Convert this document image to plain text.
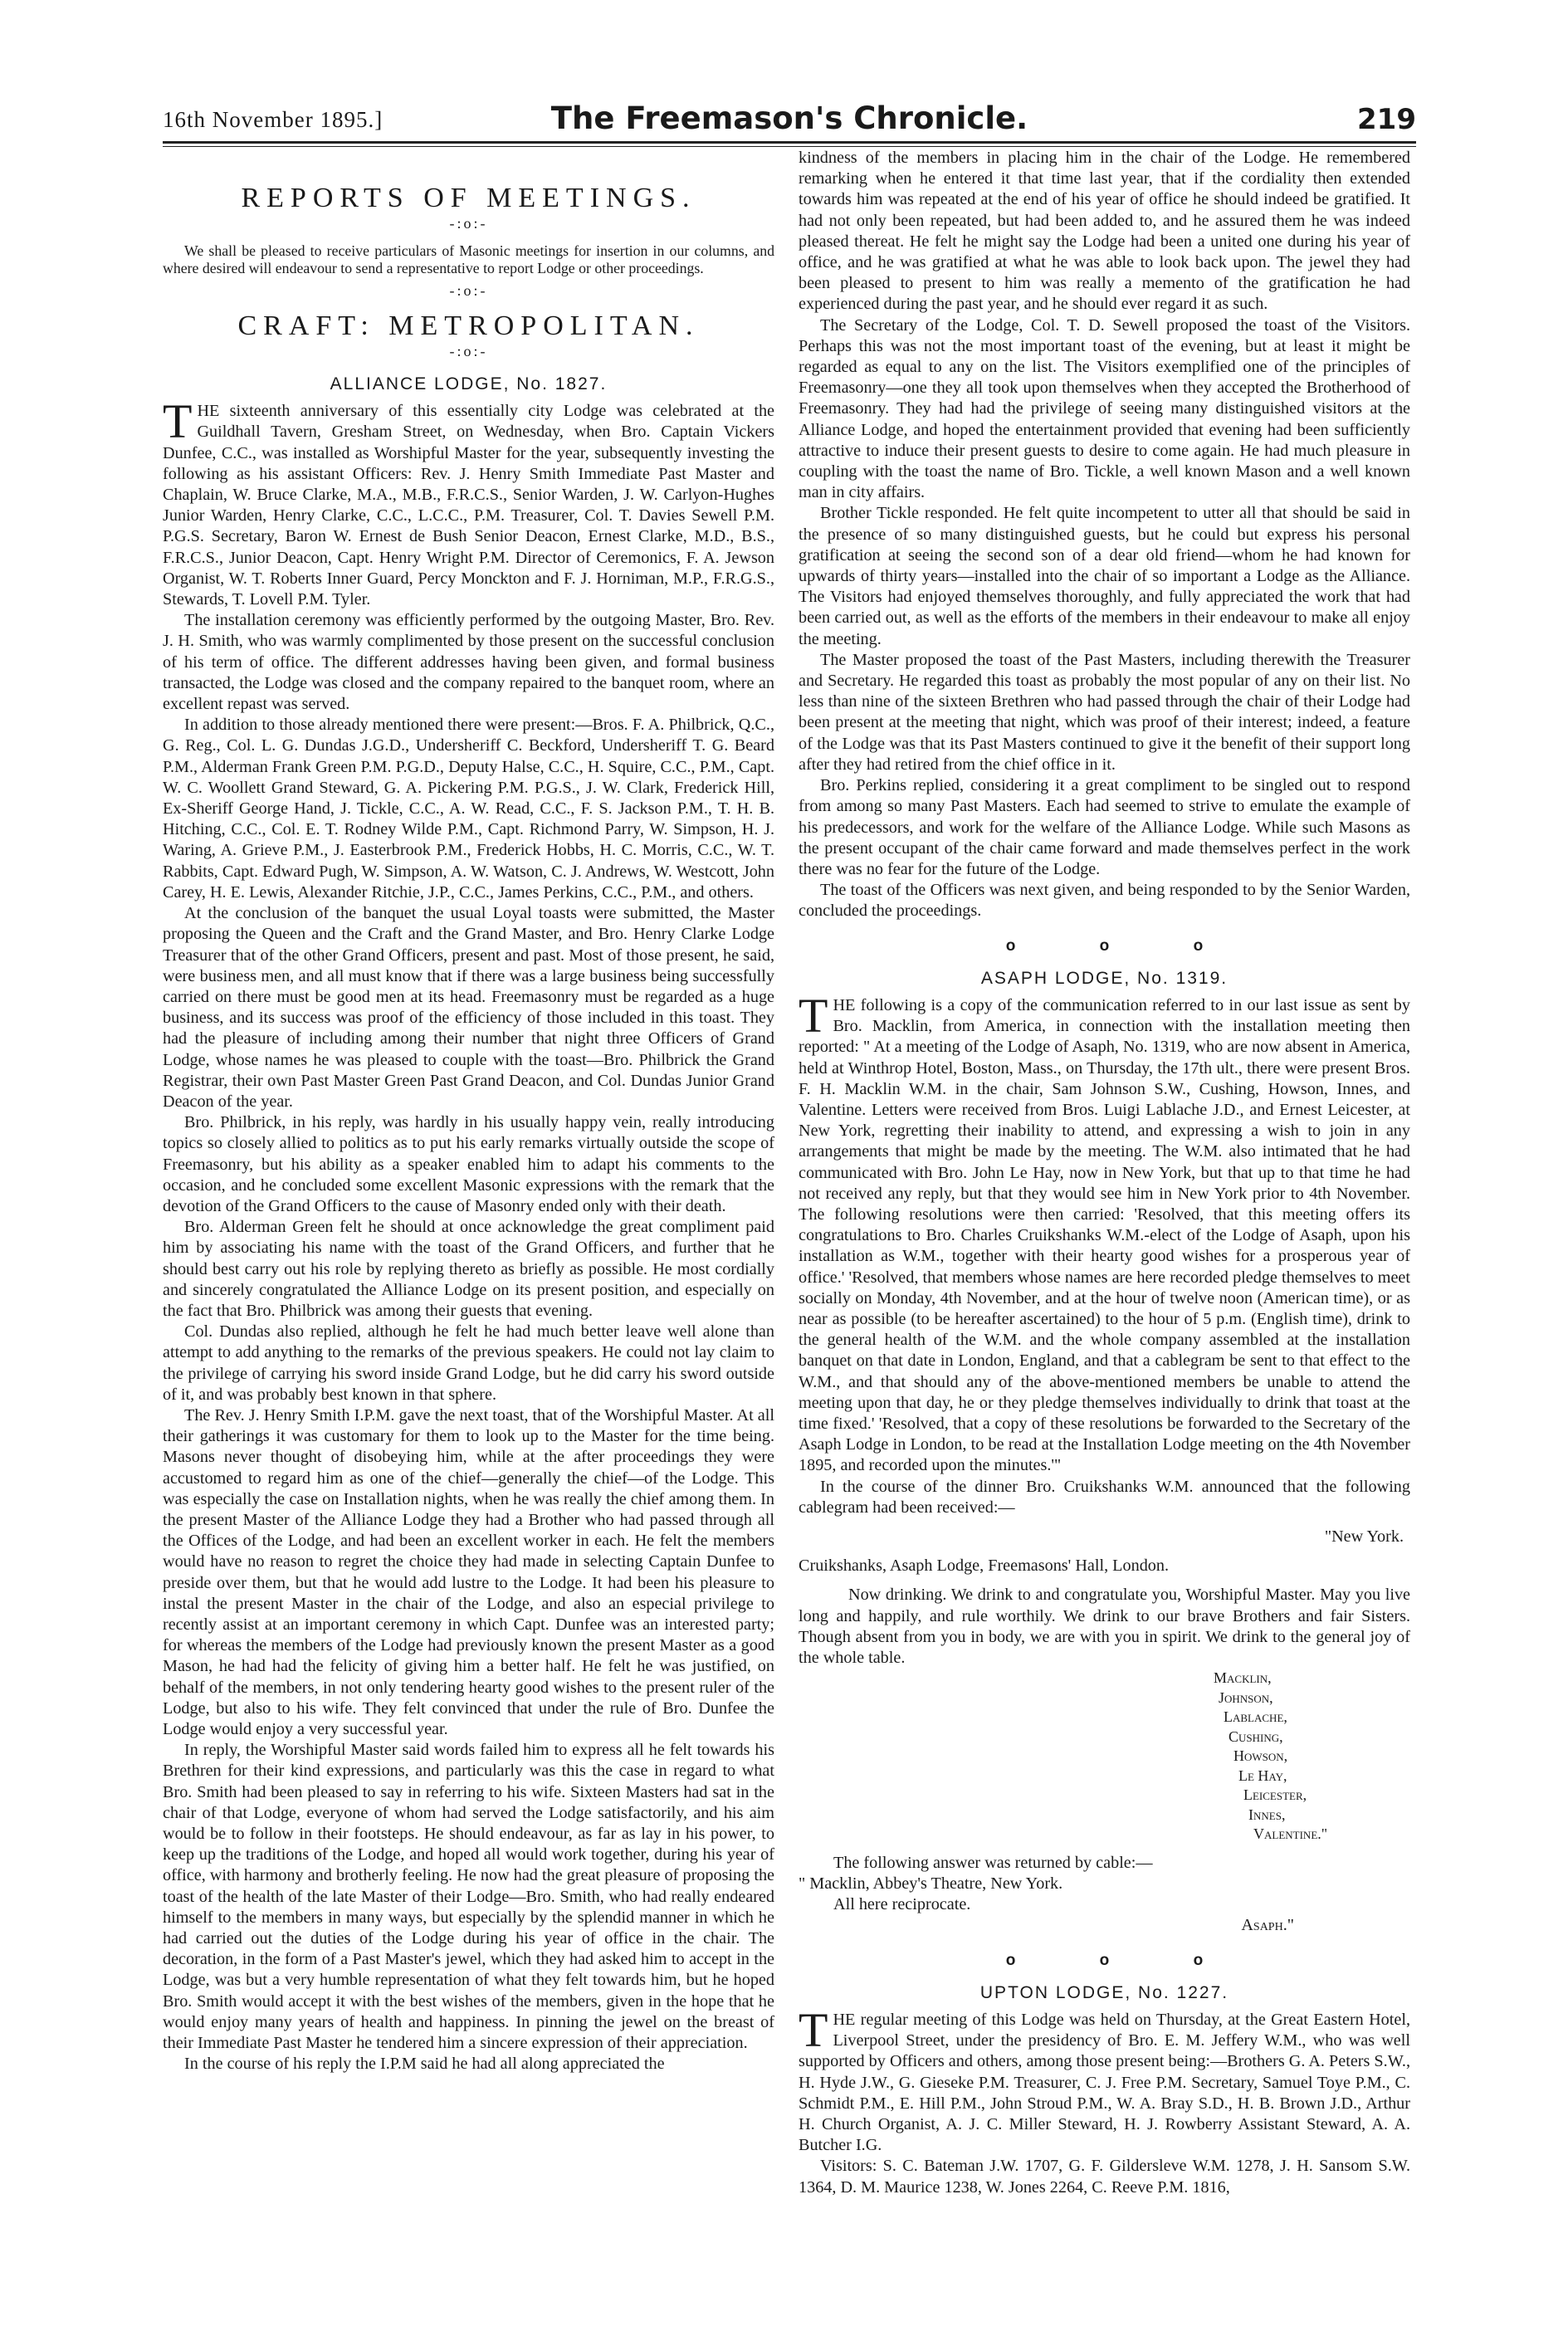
16th November 1895.]	The Freemason's Chronicle.	219
REPORTS OF MEETINGS.
-:o:-

We shall be pleased to receive particulars of Masonic meetings for insertion in our columns, and where desired will endeavour to send a representative to report Lodge or other proceedings.

-:o:-
CRAFT: METROPOLITAN.
-:o:-
ALLIANCE LODGE, No. 1827.

THE sixteenth anniversary of this essentially city Lodge was celebrated at the Guildhall Tavern, Gresham Street, on Wednesday, when Bro. Captain Vickers Dunfee, C.C., was installed as Worshipful Master for the year, subsequently investing the following as his assistant Officers: Rev. J. Henry Smith Immediate Past Master and Chaplain, W. Bruce Clarke, M.A., M.B., F.R.C.S., Senior Warden, J. W. Carlyon-Hughes Junior Warden, Henry Clarke, C.C., L.C.C., P.M. Treasurer, Col. T. Davies Sewell P.M. P.G.S. Secretary, Baron W. Ernest de Bush Senior Deacon, Ernest Clarke, M.D., B.S., F.R.C.S., Junior Deacon, Capt. Henry Wright P.M. Director of Ceremonics, F. A. Jewson Organist, W. T. Roberts Inner Guard, Percy Monckton and F. J. Horniman, M.P., F.R.G.S., Stewards, T. Lovell P.M. Tyler.

The installation ceremony was efficiently performed by the outgoing Master, Bro. Rev. J. H. Smith, who was warmly complimented by those present on the successful conclusion of his term of office. The different addresses having been given, and formal business transacted, the Lodge was closed and the company repaired to the banquet room, where an excellent repast was served.

In addition to those already mentioned there were present:—Bros. F. A. Philbrick, Q.C., G. Reg., Col. L. G. Dundas J.G.D., Undersheriff C. Beckford, Undersheriff T. G. Beard P.M., Alderman Frank Green P.M. P.G.D., Deputy Halse, C.C., H. Squire, C.C., P.M., Capt. W. C. Woollett Grand Steward, G. A. Pickering P.M. P.G.S., J. W. Clark, Frederick Hill, Ex-Sheriff George Hand, J. Tickle, C.C., A. W. Read, C.C., F. S. Jackson P.M., T. H. B. Hitching, C.C., Col. E. T. Rodney Wilde P.M., Capt. Richmond Parry, W. Simpson, H. J. Waring, A. Grieve P.M., J. Easterbrook P.M., Frederick Hobbs, H. C. Morris, C.C., W. T. Rabbits, Capt. Edward Pugh, W. Simpson, A. W. Watson, C. J. Andrews, W. Westcott, John Carey, H. E. Lewis, Alexander Ritchie, J.P., C.C., James Perkins, C.C., P.M., and others.

At the conclusion of the banquet the usual Loyal toasts were submitted, the Master proposing the Queen and the Craft and the Grand Master, and Bro. Henry Clarke Lodge Treasurer that of the other Grand Officers, present and past. Most of those present, he said, were business men, and all must know that if there was a large business being successfully carried on there must be good men at its head. Freemasonry must be regarded as a huge business, and its success was proof of the efficiency of those included in this toast. They had the pleasure of including among their number that night three Officers of Grand Lodge, whose names he was pleased to couple with the toast—Bro. Philbrick the Grand Registrar, their own Past Master Green Past Grand Deacon, and Col. Dundas Junior Grand Deacon of the year.

Bro. Philbrick, in his reply, was hardly in his usually happy vein, really introducing topics so closely allied to politics as to put his early remarks virtually outside the scope of Freemasonry, but his ability as a speaker enabled him to adapt his comments to the occasion, and he concluded some excellent Masonic expressions with the remark that the devotion of the Grand Officers to the cause of Masonry ended only with their death.

Bro. Alderman Green felt he should at once acknowledge the great compliment paid him by associating his name with the toast of the Grand Officers, and further that he should best carry out his role by replying thereto as briefly as possible. He most cordially and sincerely congratulated the Alliance Lodge on its present position, and especially on the fact that Bro. Philbrick was among their guests that evening.

Col. Dundas also replied, although he felt he had much better leave well alone than attempt to add anything to the remarks of the previous speakers. He could not lay claim to the privilege of carrying his sword inside Grand Lodge, but he did carry his sword outside of it, and was probably best known in that sphere.

The Rev. J. Henry Smith I.P.M. gave the next toast, that of the Worshipful Master. At all their gatherings it was customary for them to look up to the Master for the time being. Masons never thought of disobeying him, while at the after proceedings they were accustomed to regard him as one of the chief—generally the chief—of the Lodge. This was especially the case on Installation nights, when he was really the chief among them. In the present Master of the Alliance Lodge they had a Brother who had passed through all the Offices of the Lodge, and had been an excellent worker in each. He felt the members would have no reason to regret the choice they had made in selecting Captain Dunfee to preside over them, but that he would add lustre to the Lodge. It had been his pleasure to instal the present Master in the chair of the Lodge, and also an especial privilege to recently assist at an important ceremony in which Capt. Dunfee was an interested party; for whereas the members of the Lodge had previously known the present Master as a good Mason, he had had the felicity of giving him a better half. He felt he was justified, on behalf of the members, in not only tendering hearty good wishes to the present ruler of the Lodge, but also to his wife. They felt convinced that under the rule of Bro. Dunfee the Lodge would enjoy a very successful year.

In reply, the Worshipful Master said words failed him to express all he felt towards his Brethren for their kind expressions, and particularly was this the case in regard to what Bro. Smith had been pleased to say in referring to his wife. Sixteen Masters had sat in the chair of that Lodge, everyone of whom had served the Lodge satisfactorily, and his aim would be to follow in their footsteps. He should endeavour, as far as lay in his power, to keep up the traditions of the Lodge, and hoped all would work together, during his year of office, with harmony and brotherly feeling. He now had the great pleasure of proposing the toast of the health of the late Master of their Lodge—Bro. Smith, who had really endeared himself to the members in many ways, but especially by the splendid manner in which he had carried out the duties of the Lodge during his year of office in the chair. The decoration, in the form of a Past Master's jewel, which they had asked him to accept in the Lodge, was but a very humble representation of what they felt towards him, but he hoped Bro. Smith would accept it with the best wishes of the members, given in the hope that he would enjoy many years of health and happiness. In pinning the jewel on the breast of their Immediate Past Master he tendered him a sincere expression of their appreciation.

In the course of his reply the I.P.M said he had all along appreciated the

kindness of the members in placing him in the chair of the Lodge. He remembered remarking when he entered it that time last year, that if the cordiality then extended towards him was repeated at the end of his year of office he should indeed be gratified. It had not only been repeated, but had been added to, and he assured them he was indeed pleased thereat. He felt he might say the Lodge had been a united one during his year of office, and he was gratified at what he was able to look back upon. The jewel they had been pleased to present to him was really a memento of the gratification he had experienced during the past year, and he should ever regard it as such.

The Secretary of the Lodge, Col. T. D. Sewell proposed the toast of the Visitors. Perhaps this was not the most important toast of the evening, but at least it might be regarded as equal to any on the list. The Visitors exemplified one of the principles of Freemasonry—one they all took upon themselves when they accepted the Brotherhood of Freemasonry. They had had the privilege of seeing many distinguished visitors at the Alliance Lodge, and hoped the entertainment provided that evening had been sufficiently attractive to induce their present guests to desire to come again. He had much pleasure in coupling with the toast the name of Bro. Tickle, a well known Mason and a well known man in city affairs.

Brother Tickle responded. He felt quite incompetent to utter all that should be said in the presence of so many distinguished guests, but he could but express his personal gratification at seeing the second son of a dear old friend—whom he had known for upwards of thirty years—installed into the chair of so important a Lodge as the Alliance. The Visitors had enjoyed themselves thoroughly, and fully appreciated the work that had been carried out, as well as the efforts of the members in their endeavour to make all enjoy the meeting.

The Master proposed the toast of the Past Masters, including therewith the Treasurer and Secretary. He regarded this toast as probably the most popular of any on their list. No less than nine of the sixteen Brethren who had passed through the chair of their Lodge had been present at the meeting that night, which was proof of their interest; indeed, a feature of the Lodge was that its Past Masters continued to give it the benefit of their support long after they had retired from the chief office in it.

Bro. Perkins replied, considering it a great compliment to be singled out to respond from among so many Past Masters. Each had seemed to strive to emulate the example of his predecessors, and work for the welfare of the Alliance Lodge. While such Masons as the present occupant of the chair came forward and made themselves perfect in the work there was no fear for the future of the Lodge.

The toast of the Officers was next given, and being responded to by the Senior Warden, concluded the proceedings.

o o o
ASAPH LODGE, No. 1319.

THE following is a copy of the communication referred to in our last issue as sent by Bro. Macklin, from America, in connection with the installation meeting then reported: " At a meeting of the Lodge of Asaph, No. 1319, who are now absent in America, held at Winthrop Hotel, Boston, Mass., on Thursday, the 17th ult., there were present Bros. F. H. Macklin W.M. in the chair, Sam Johnson S.W., Cushing, Howson, Innes, and Valentine. Letters were received from Bros. Luigi Lablache J.D., and Ernest Leicester, at New York, regretting their inability to attend, and expressing a wish to join in any arrangements that might be made by the meeting. The W.M. also intimated that he had communicated with Bro. John Le Hay, now in New York, but that up to that time he had not received any reply, but that they would see him in New York prior to 4th November. The following resolutions were then carried: 'Resolved, that this meeting offers its congratulations to Bro. Charles Cruikshanks W.M.-elect of the Lodge of Asaph, upon his installation as W.M., together with their hearty good wishes for a prosperous year of office.' 'Resolved, that members whose names are here recorded pledge themselves to meet socially on Monday, 4th November, and at the hour of twelve noon (American time), or as near as possible (to be hereafter ascertained) to the hour of 5 p.m. (English time), drink to the general health of the W.M. and the whole company assembled at the installation banquet on that date in London, England, and that a cablegram be sent to that effect to the W.M., and that should any of the above-mentioned members be unable to attend the meeting upon that day, he or they pledge themselves individually to drink that toast at the time fixed.' 'Resolved, that a copy of these resolutions be forwarded to the Secretary of the Asaph Lodge in London, to be read at the Installation Lodge meeting on the 4th November 1895, and recorded upon the minutes.'"

In the course of the dinner Bro. Cruikshanks W.M. announced that the following cablegram had been received:—

"New York.

Cruikshanks, Asaph Lodge, Freemasons' Hall, London.

Now drinking. We drink to and congratulate you, Worshipful Master. May you live long and happily, and rule worthily. We drink to our brave Brothers and fair Sisters. Though absent from you in body, we are with you in spirit. We drink to the general joy of the whole table.

Macklin,
Johnson,
Lablache,
Cushing,
Howson,
Le Hay,
Leicester,
Innes,
Valentine."

The following answer was returned by cable:—

" Macklin, Abbey's Theatre, New York.

All here reciprocate.

Asaph."
o o o
UPTON LODGE, No. 1227.

THE regular meeting of this Lodge was held on Thursday, at the Great Eastern Hotel, Liverpool Street, under the presidency of Bro. E. M. Jeffery W.M., who was well supported by Officers and others, among those present being:—Brothers G. A. Peters S.W., H. Hyde J.W., G. Gieseke P.M. Treasurer, C. J. Free P.M. Secretary, Samuel Toye P.M., C. Schmidt P.M., E. Hill P.M., John Stroud P.M., W. A. Bray S.D., H. B. Brown J.D., Arthur H. Church Organist, A. J. C. Miller Steward, H. J. Rowberry Assistant Steward, A. A. Butcher I.G.

Visitors: S. C. Bateman J.W. 1707, G. F. Gildersleve W.M. 1278, J. H. Sansom S.W. 1364, D. M. Maurice 1238, W. Jones 2264, C. Reeve P.M. 1816,
